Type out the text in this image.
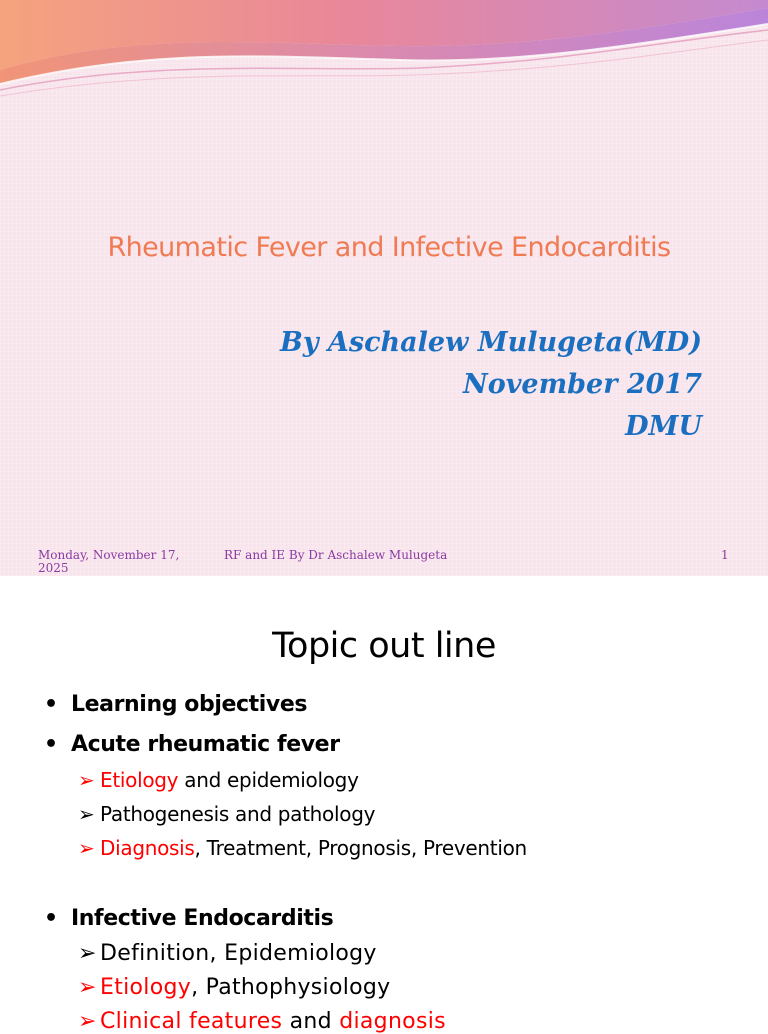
Rheumatic Fever and Infective Endocarditis
By Aschalew Mulugeta(MD)
November 2017
DMU
Monday, November 17, 2025
RF and IE By Dr Aschalew Mulugeta	1
Topic out line
• Learning objectives
• Acute rheumatic fever
➢ Etiology and epidemiology
➢ Pathogenesis and pathology
➢ Diagnosis, Treatment, Prognosis, Prevention
• Infective Endocarditis
➢ Definition, Epidemiology
➢ Etiology, Pathophysiology
➢ Clinical features and diagnosis
